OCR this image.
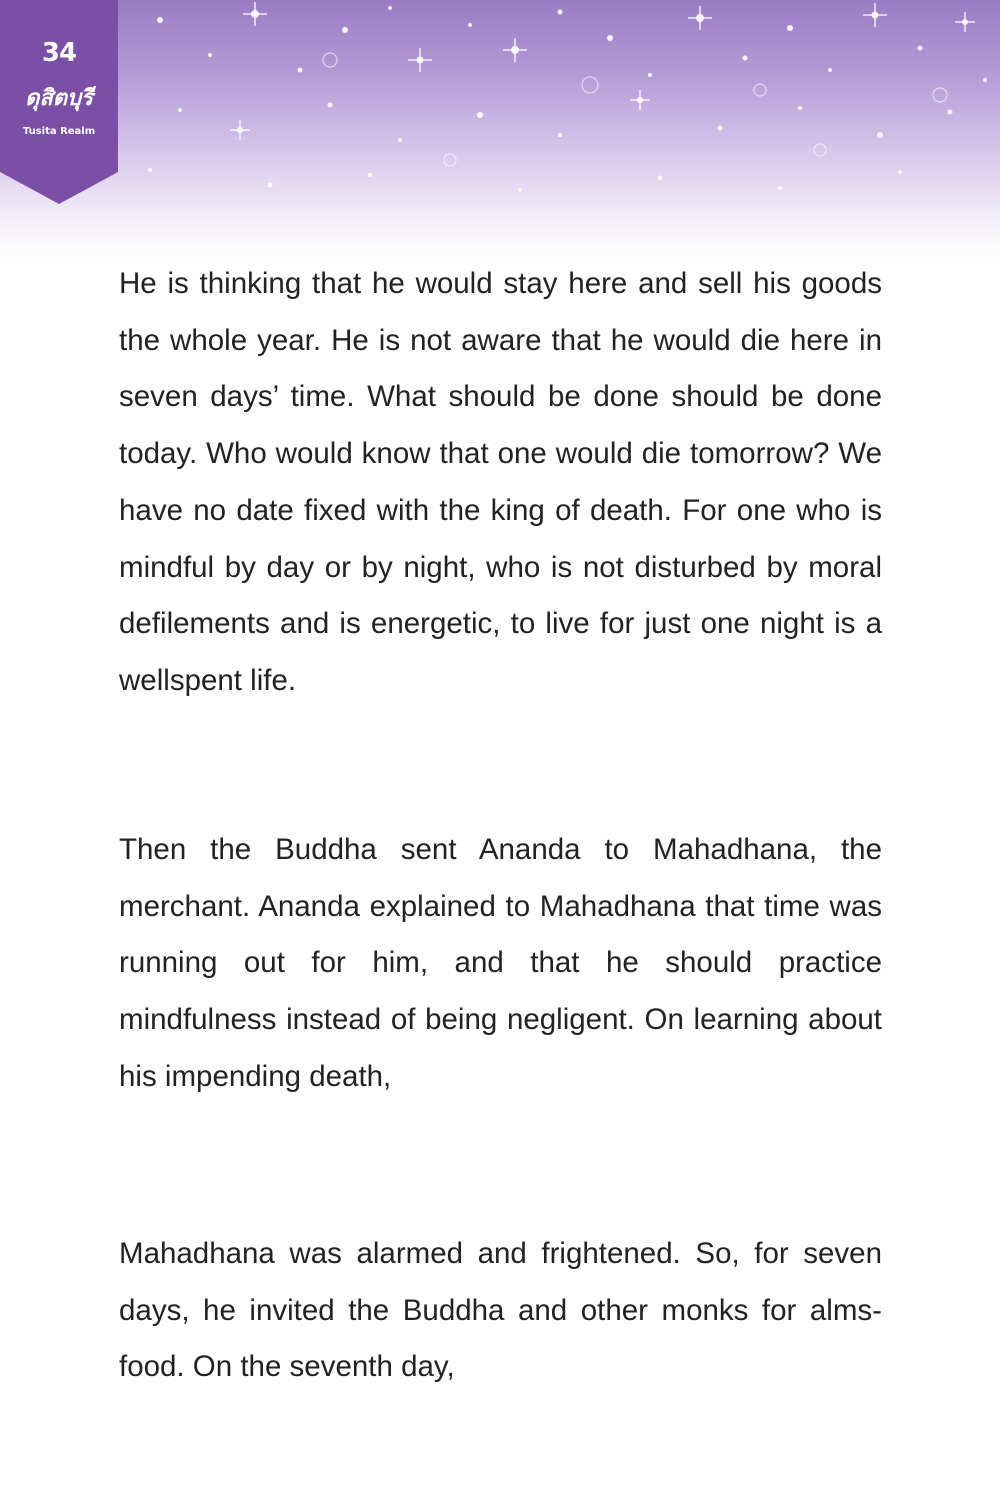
34
ดุสิตบุรี
Tusita Realm

He is thinking that he would stay here and sell his goods the whole year. He is not aware that he would die here in seven days’ time. What should be done should be done today. Who would know that one would die tomorrow? We have no date fixed with the king of death. For one who is mindful by day or by night, who is not disturbed by moral defilements and is energetic, to live for just one night is a wellspent life.

Then the Buddha sent Ananda to Mahadhana, the merchant. Ananda explained to Mahadhana that time was running out for him, and that he should practice mindfulness instead of being negligent. On learning about his impending death,

Mahadhana was alarmed and frightened. So, for seven days, he invited the Buddha and other monks for alms-food. On the seventh day,
